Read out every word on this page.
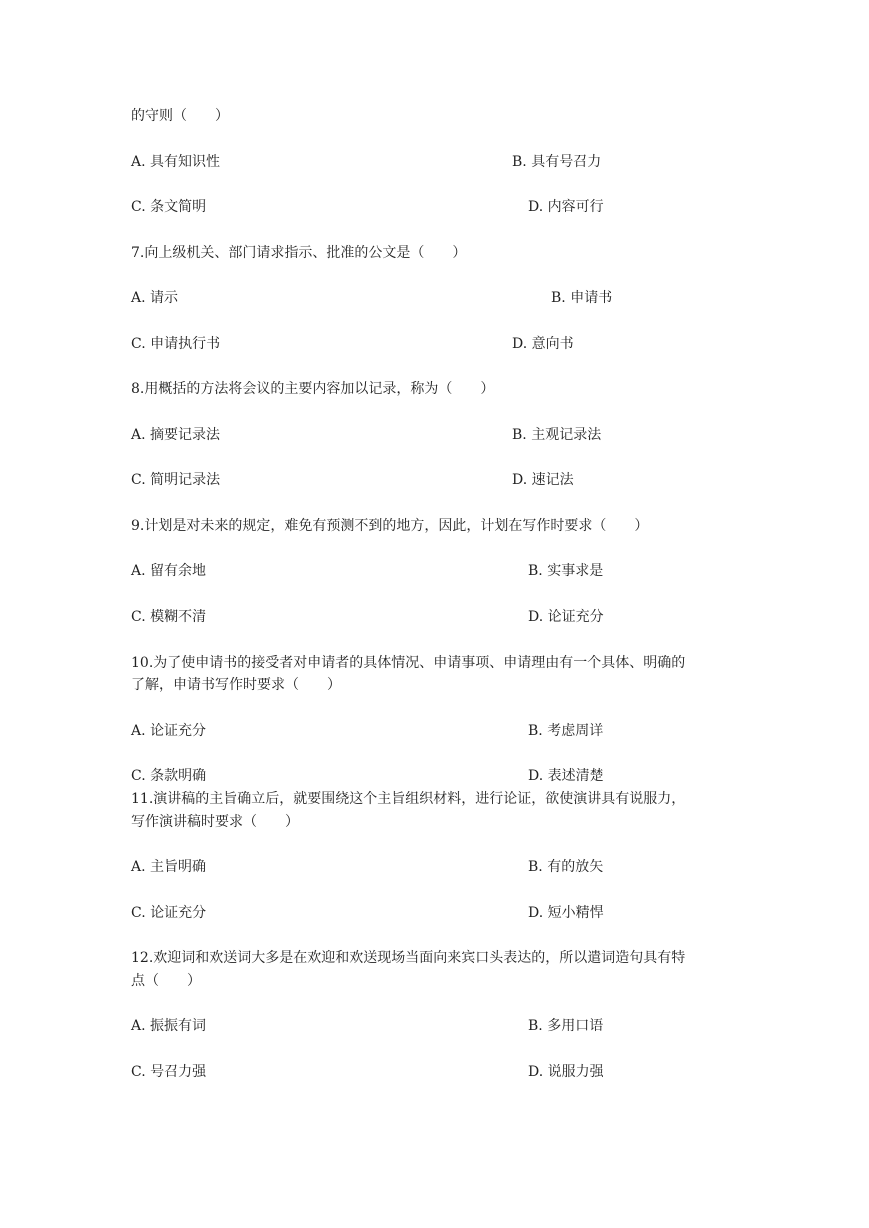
的守则（　　）
A. 具有知识性	B. 具有号召力
C. 条文简明	D. 内容可行
7.向上级机关、部门请求指示、批准的公文是（　　）
A. 请示	B. 申请书
C. 申请执行书	D. 意向书
8.用概括的方法将会议的主要内容加以记录，称为（　　）
A. 摘要记录法	B. 主观记录法
C. 简明记录法	D. 速记法
9.计划是对未来的规定，难免有预测不到的地方，因此，计划在写作时要求（　　）
A. 留有余地	B. 实事求是
C. 模糊不清	D. 论证充分
10.为了使申请书的接受者对申请者的具体情况、申请事项、申请理由有一个具体、明确的
了解，申请书写作时要求（　　）
A. 论证充分	B. 考虑周详
C. 条款明确	D. 表述清楚
11.演讲稿的主旨确立后，就要围绕这个主旨组织材料，进行论证，欲使演讲具有说服力，
写作演讲稿时要求（　　）
A. 主旨明确	B. 有的放矢
C. 论证充分	D. 短小精悍
12.欢迎词和欢送词大多是在欢迎和欢送现场当面向来宾口头表达的，所以遣词造句具有特
点（　　）
A. 振振有词	B. 多用口语
C. 号召力强	D. 说服力强
